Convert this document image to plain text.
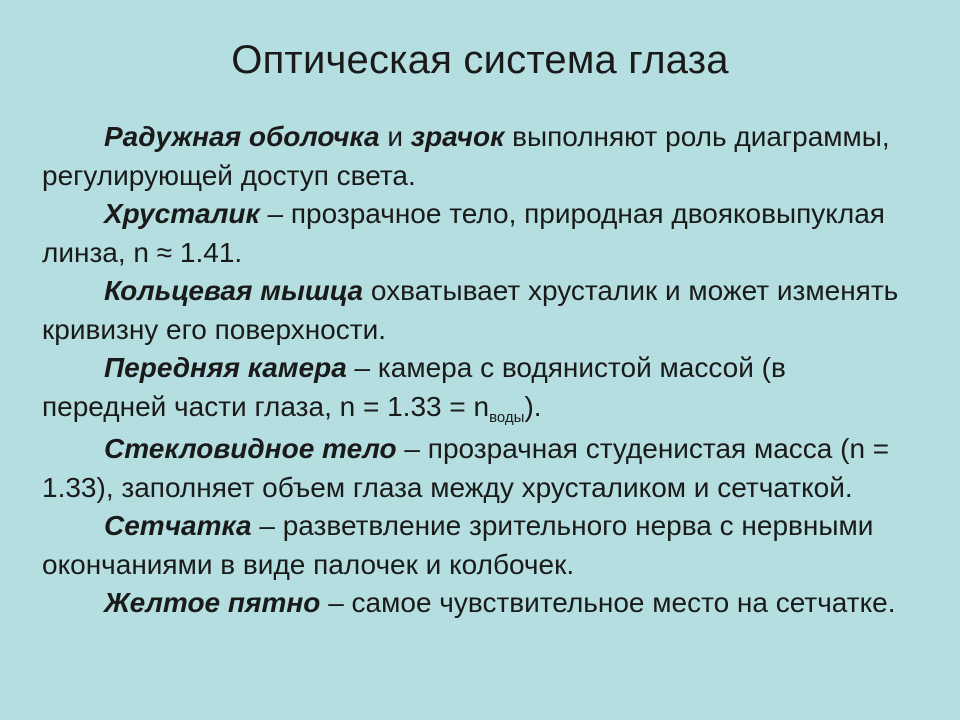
Оптическая система глаза

Радужная оболочка и зрачок выполняют роль диаграммы, регулирующей доступ света.

Хрусталик – прозрачное тело, природная двояковыпуклая линза, n ≈ 1.41.

Кольцевая мышца охватывает хрусталик и может изменять кривизну его поверхности.

Передняя камера – камера с водянистой массой (в передней части глаза, $n = 1.33 = n_{воды}$).

Стекловидное тело – прозрачная студенистая масса (n = 1.33), заполняет объем глаза между хрусталиком и сетчаткой.

Сетчатка – разветвление зрительного нерва с нервными окончаниями в виде палочек и колбочек.

Желтое пятно – самое чувствительное место на сетчатке.
